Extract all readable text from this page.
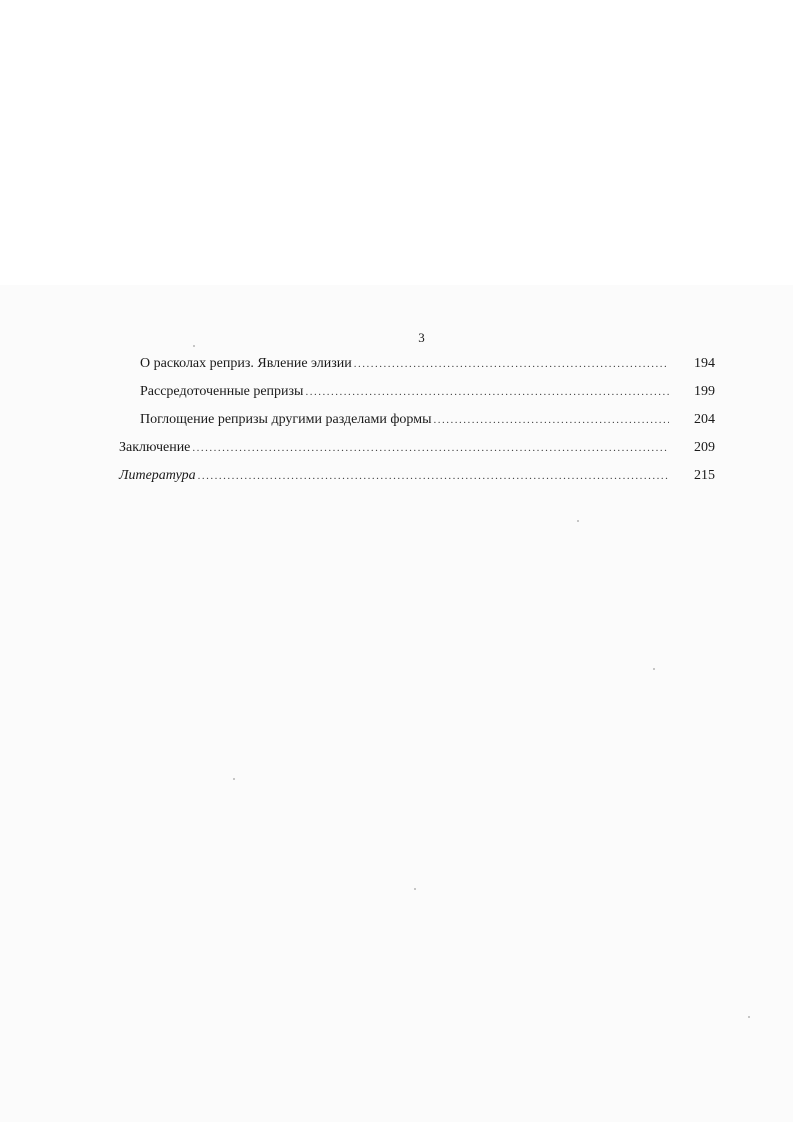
3
О расколах реприз. Явление элизии .....	194
Рассредоточенные репризы .....	199
Поглощение репризы другими разделами формы .....	204
Заключение .....	209
Литература .....	215
